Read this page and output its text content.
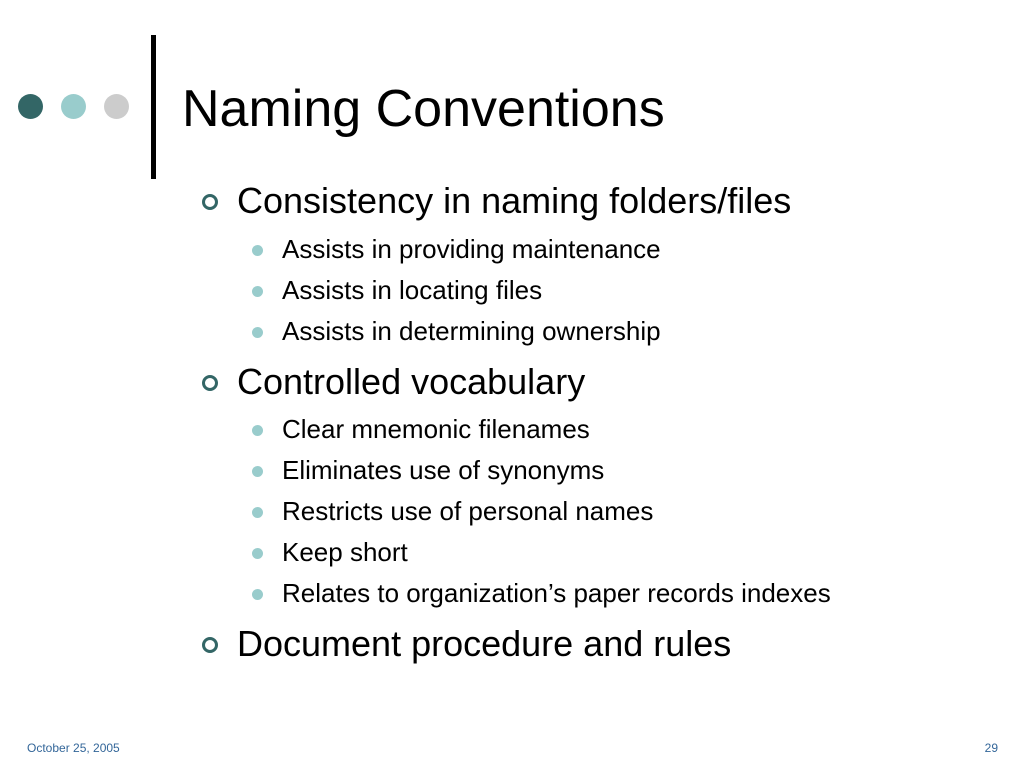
Naming Conventions
Consistency in naming folders/files
Assists in providing maintenance
Assists in locating files
Assists in determining ownership
Controlled vocabulary
Clear mnemonic filenames
Eliminates use of synonyms
Restricts use of personal names
Keep short
Relates to organization’s paper records indexes
Document procedure and rules
October 25, 2005	29
